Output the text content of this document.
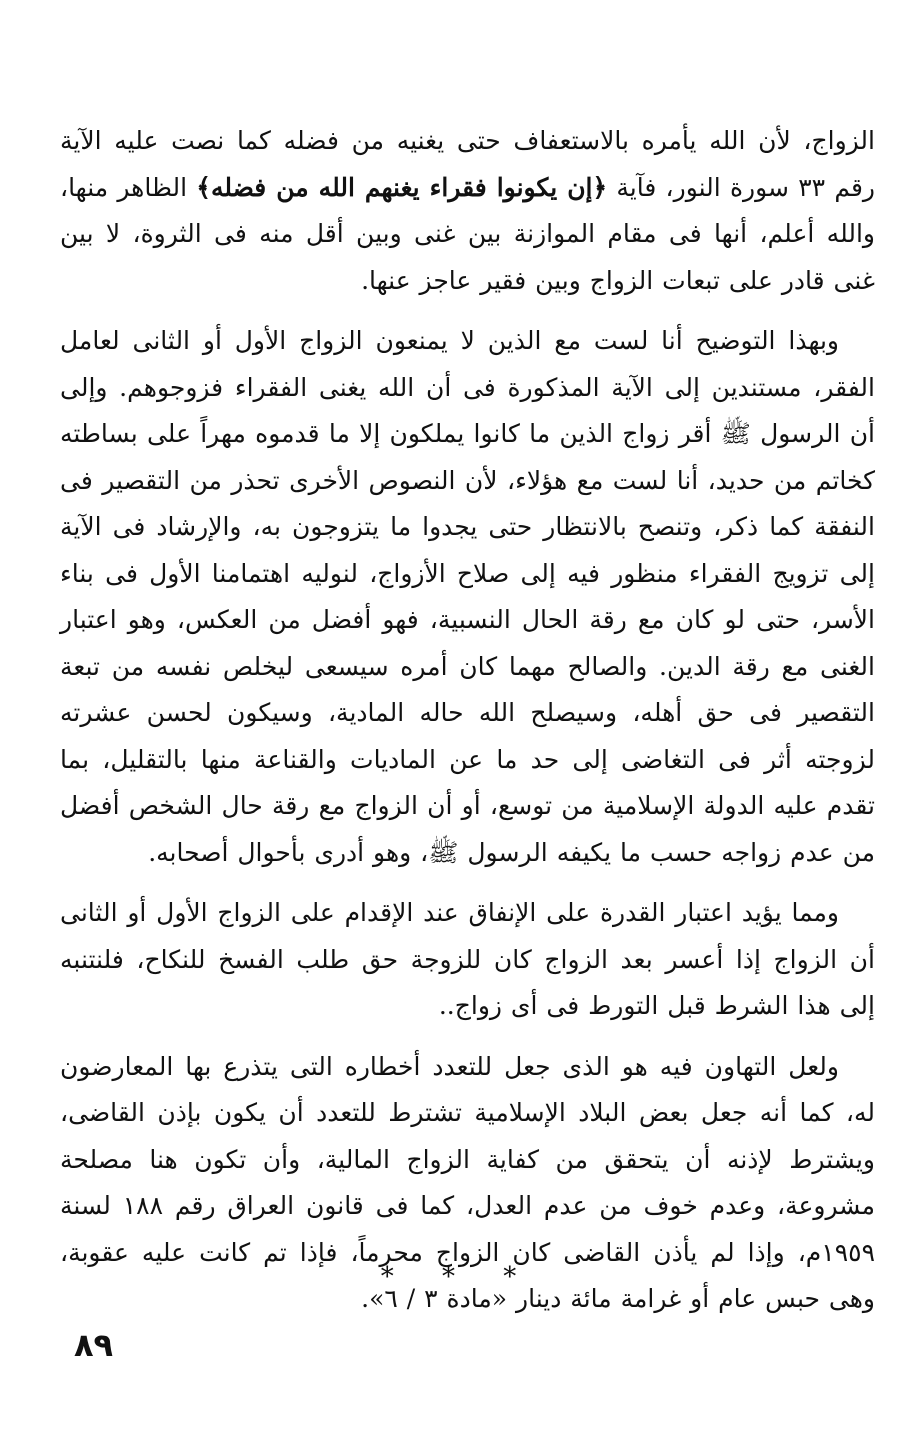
الزواج، لأن الله يأمره بالاستعفاف حتى يغنيه من فضله كما نصت عليه الآية رقم ٣٣ سورة النور، فآية ﴿إن يكونوا فقراء يغنهم الله من فضله﴾ الظاهر منها، والله أعلم، أنها فى مقام الموازنة بين غنى وبين أقل منه فى الثروة، لا بين غنى قادر على تبعات الزواج وبين فقير عاجز عنها.

وبهذا التوضيح أنا لست مع الذين لا يمنعون الزواج الأول أو الثانى لعامل الفقر، مستندين إلى الآية المذكورة فى أن الله يغنى الفقراء فزوجوهم. وإلى أن الرسول ﷺ أقر زواج الذين ما كانوا يملكون إلا ما قدموه مهراً على بساطته كخاتم من حديد، أنا لست مع هؤلاء، لأن النصوص الأخرى تحذر من التقصير فى النفقة كما ذكر، وتنصح بالانتظار حتى يجدوا ما يتزوجون به، والإرشاد فى الآية إلى تزويج الفقراء منظور فيه إلى صلاح الأزواج، لنوليه اهتمامنا الأول فى بناء الأسر، حتى لو كان مع رقة الحال النسبية، فهو أفضل من العكس، وهو اعتبار الغنى مع رقة الدين. والصالح مهما كان أمره سيسعى ليخلص نفسه من تبعة التقصير فى حق أهله، وسيصلح الله حاله المادية، وسيكون لحسن عشرته لزوجته أثر فى التغاضى إلى حد ما عن الماديات والقناعة منها بالتقليل، بما تقدم عليه الدولة الإسلامية من توسع، أو أن الزواج مع رقة حال الشخص أفضل من عدم زواجه حسب ما يكيفه الرسول ﷺ، وهو أدرى بأحوال أصحابه.

ومما يؤيد اعتبار القدرة على الإنفاق عند الإقدام على الزواج الأول أو الثانى أن الزواج إذا أعسر بعد الزواج كان للزوجة حق طلب الفسخ للنكاح، فلنتنبه إلى هذا الشرط قبل التورط فى أى زواج..

ولعل التهاون فيه هو الذى جعل للتعدد أخطاره التى يتذرع بها المعارضون له، كما أنه جعل بعض البلاد الإسلامية تشترط للتعدد أن يكون بإذن القاضى، ويشترط لإذنه أن يتحقق من كفاية الزواج المالية، وأن تكون هنا مصلحة مشروعة، وعدم خوف من عدم العدل، كما فى قانون العراق رقم ١٨٨ لسنة ١٩٥٩م، وإذا لم يأذن القاضى كان الزواج محرماً، فإذا تم كانت عليه عقوبة، وهى حبس عام أو غرامة مائة دينار «مادة ٣ / ٦».

* * *
٨٩
